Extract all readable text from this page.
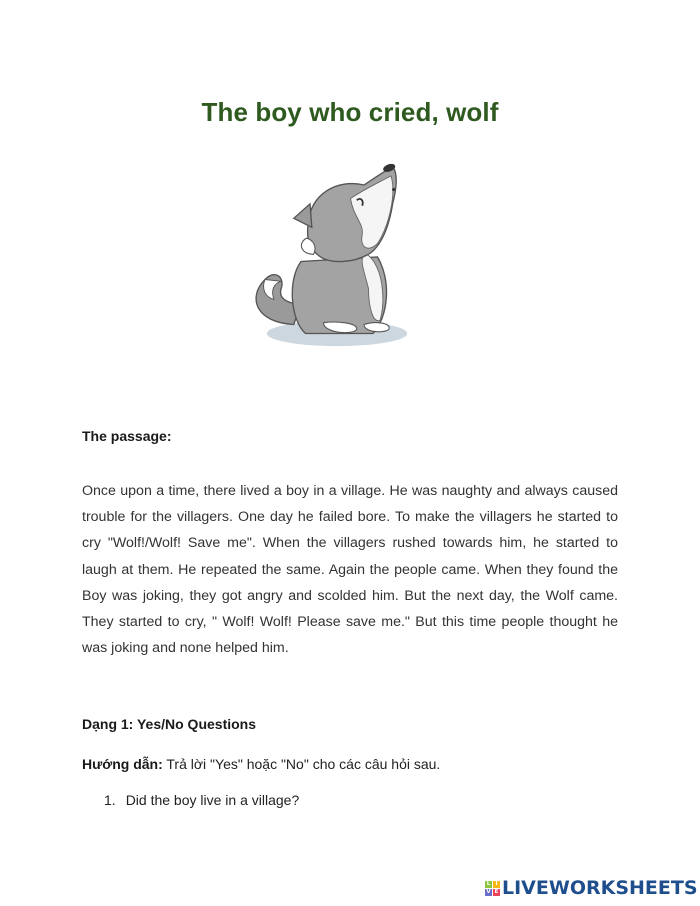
The boy who cried, wolf
The passage:
Once upon a time, there lived a boy in a village. He was naughty and always caused trouble for the villagers. One day he failed bore. To make the villagers he started to cry "Wolf!/Wolf! Save me". When the villagers rushed towards him, he started to laugh at them. He repeated the same. Again the people came. When they found the Boy was joking, they got angry and scolded him. But the next day, the Wolf came. They started to cry, " Wolf! Wolf! Please save me." But this time people thought he was joking and none helped him.
Dạng 1: Yes/No Questions
Hướng dẫn: Trả lời "Yes" hoặc "No" cho các câu hỏi sau.
1. Did the boy live in a village?
L I
V E LIVEWORKSHEETS
